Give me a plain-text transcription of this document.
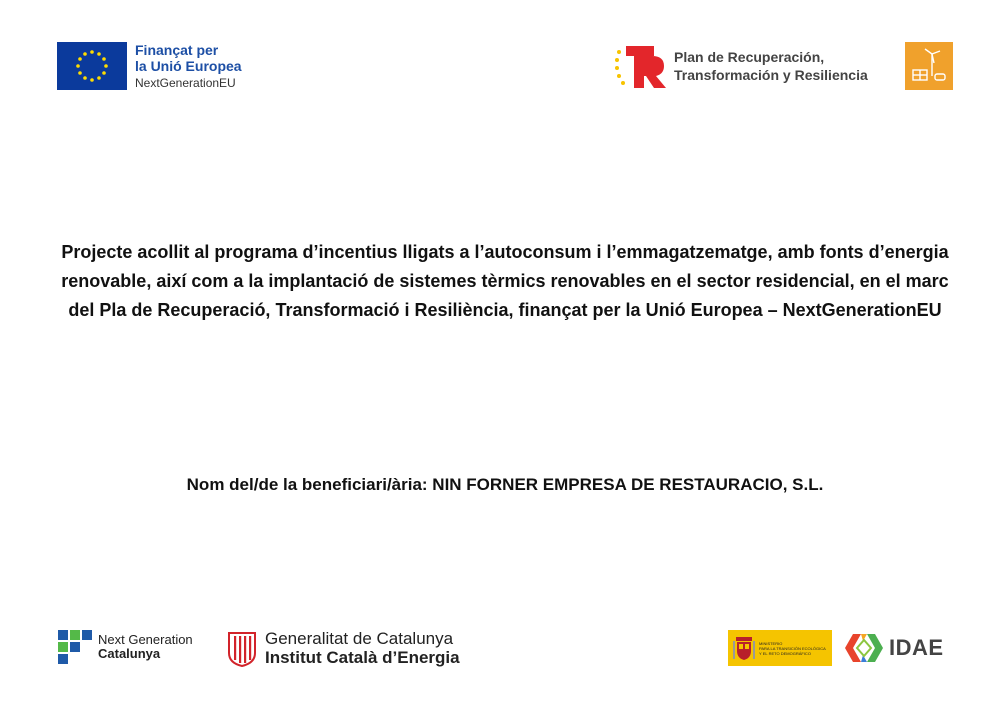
Finançat per
la Unió Europea
NextGenerationEU
Plan de Recuperación,
Transformación y Resiliencia

Projecte acollit al programa d’incentius lligats a l’autoconsum i l’emmagatzematge, amb fonts d’energia renovable, així com a la implantació de sistemes tèrmics renovables en el sector residencial, en el marc del Pla de Recuperació, Transformació i Resiliència, finançat per la Unió Europea – NextGenerationEU

Nom del/de la beneficiari/ària: NIN FORNER EMPRESA DE RESTAURACIO, S.L.

Next Generation
Catalunya
Generalitat de Catalunya
Institut Català d’Energia
MINISTERIO
PARA LA TRANSICIÓN ECOLÓGICA
Y EL RETO DEMOGRÁFICO	IDAE
